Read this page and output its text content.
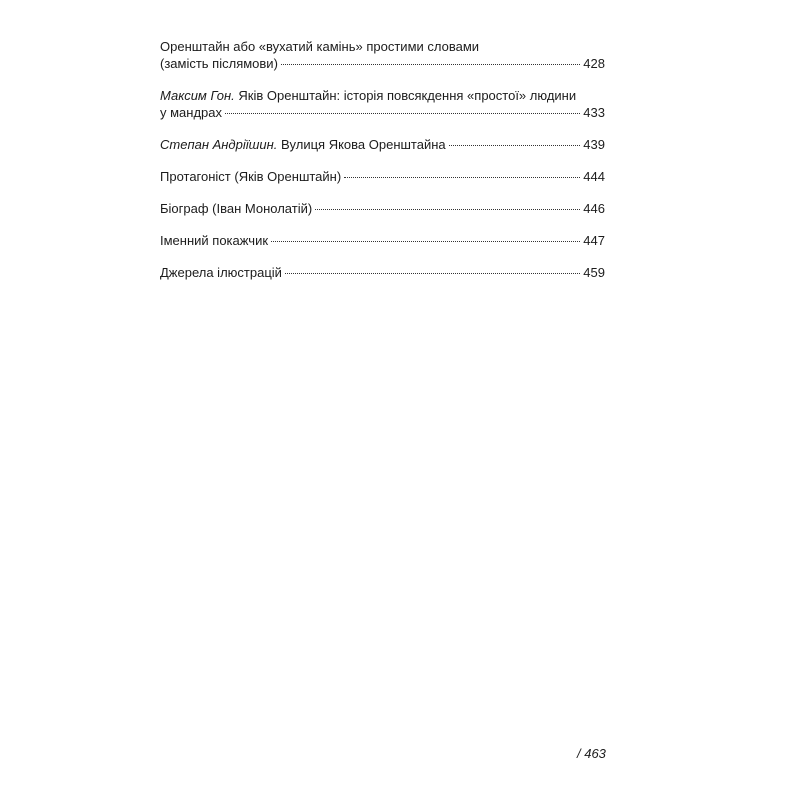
Оренштайн або «вухатий камінь» простими словами
(замість післямови)	428
Максим Гон. Яків Оренштайн: історія повсякдення «простої» людини
у мандрах	433
Степан Андріїшин. Вулиця Якова Оренштайна	439
Протагоніст (Яків Оренштайн)	444
Біограф (Іван Монолатій)	446
Іменний покажчик	447
Джерела ілюстрацій	459
/ 463
